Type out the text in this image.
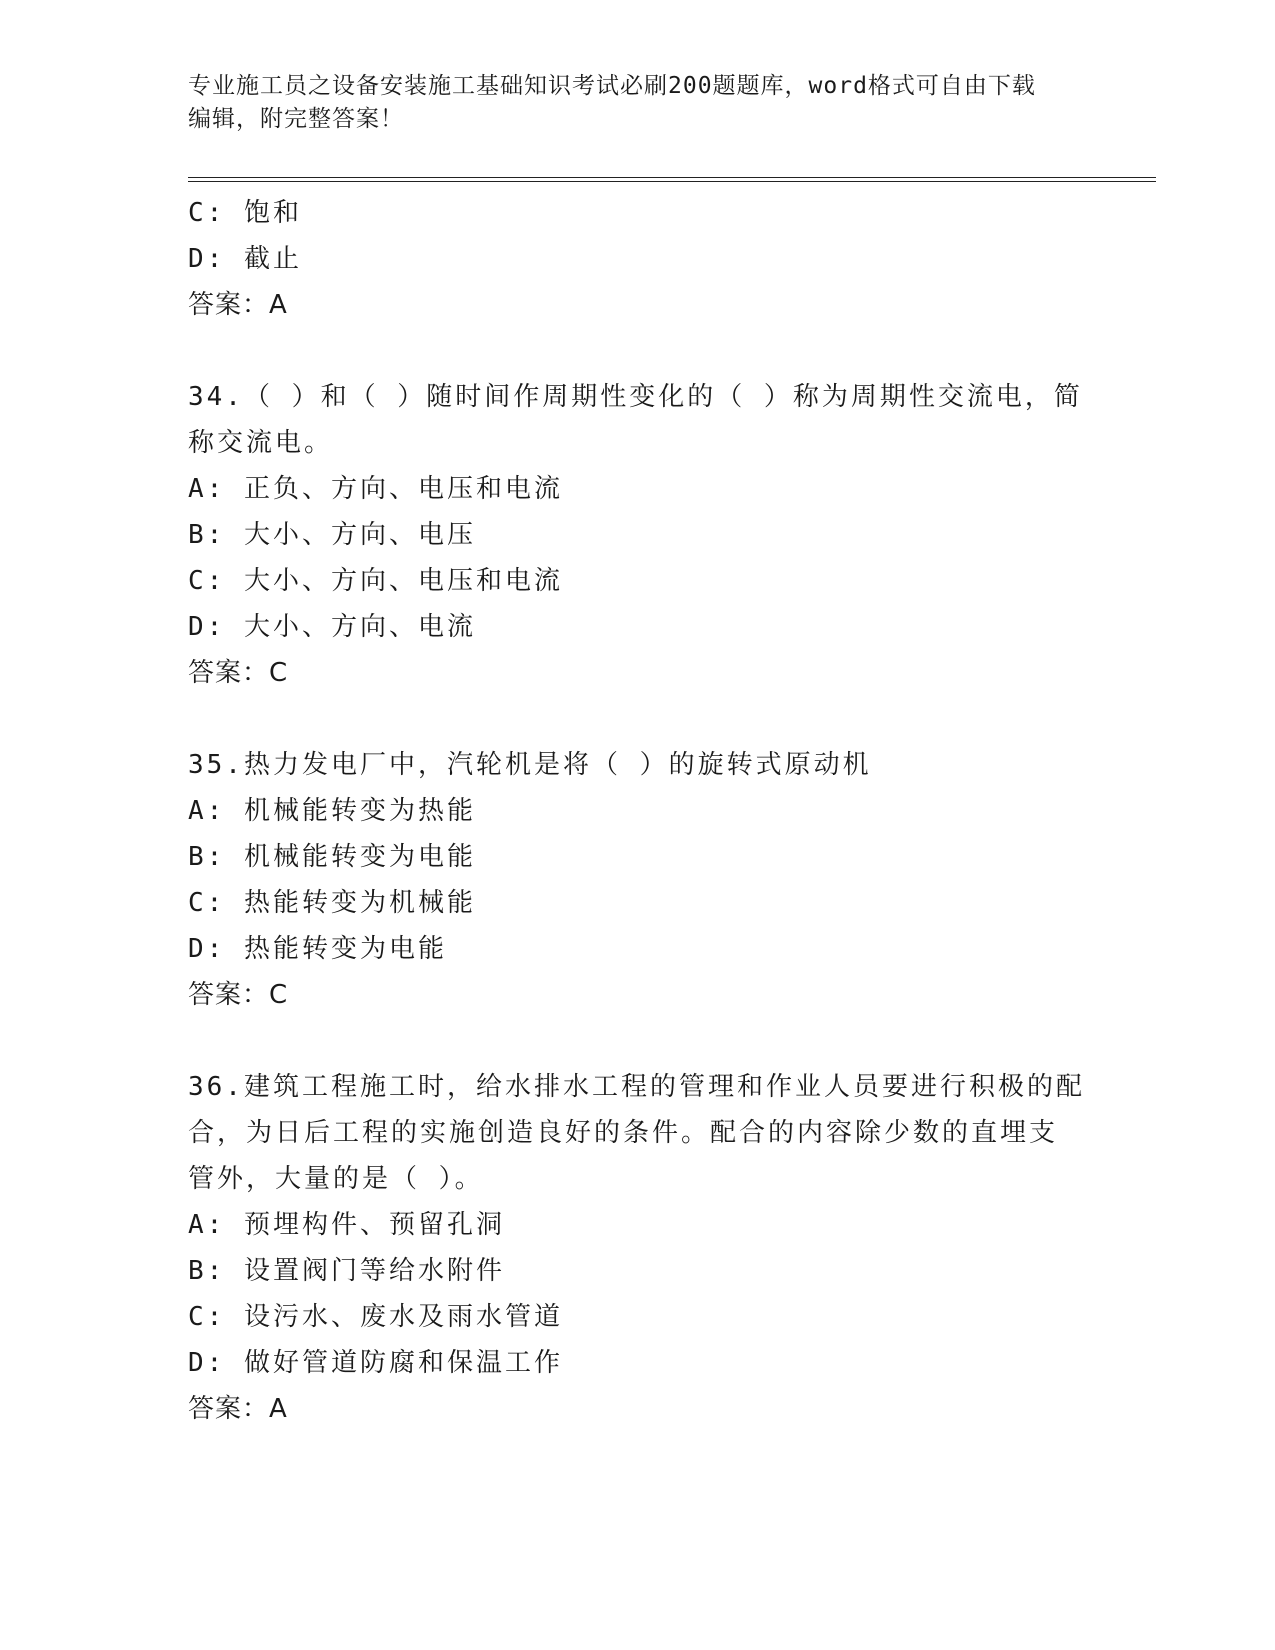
专业施工员之设备安装施工基础知识考试必刷200题题库，word格式可自由下载
编辑，附完整答案！
C: 饱和
D: 截止
答案：A
34.（ ）和（ ）随时间作周期性变化的（ ）称为周期性交流电，简
称交流电。
A: 正负、方向、电压和电流
B: 大小、方向、电压
C: 大小、方向、电压和电流
D: 大小、方向、电流
答案：C
35.热力发电厂中，汽轮机是将（ ）的旋转式原动机
A: 机械能转变为热能
B: 机械能转变为电能
C: 热能转变为机械能
D: 热能转变为电能
答案：C
36.建筑工程施工时，给水排水工程的管理和作业人员要进行积极的配
合，为日后工程的实施创造良好的条件。配合的内容除少数的直埋支
管外，大量的是（ ）。
A: 预埋构件、预留孔洞
B: 设置阀门等给水附件
C: 设污水、废水及雨水管道
D: 做好管道防腐和保温工作
答案：A
